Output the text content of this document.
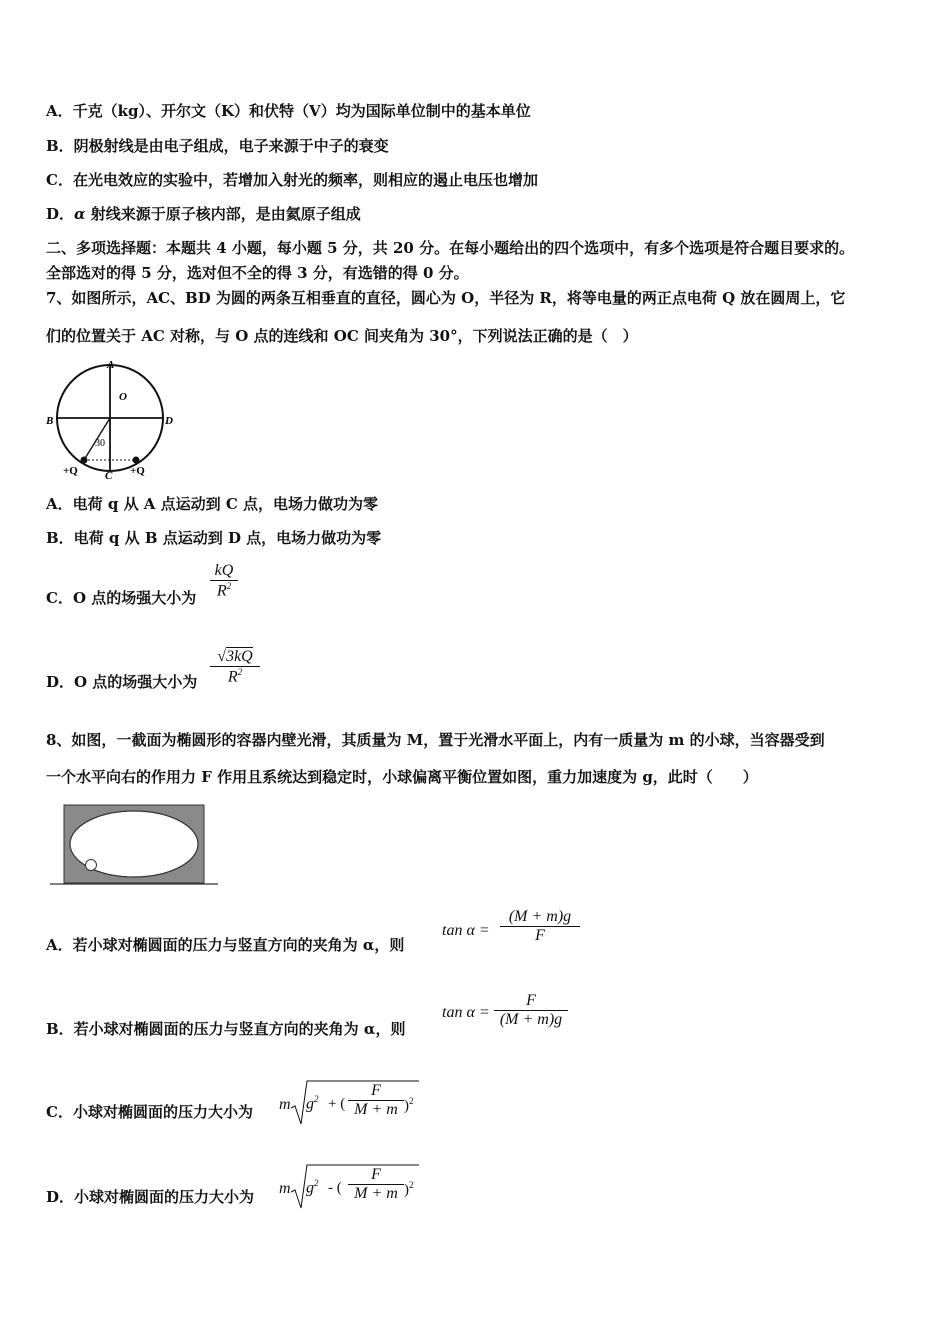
A．千克（kg）、开尔文（K）和伏特（V）均为国际单位制中的基本单位
B．阴极射线是由电子组成，电子来源于中子的衰变
C．在光电效应的实验中，若增加入射光的频率，则相应的遏止电压也增加
D．α 射线来源于原子核内部，是由氦原子组成
二、多项选择题：本题共 4 小题，每小题 5 分，共 20 分。在每小题给出的四个选项中，有多个选项是符合题目要求的。
全部选对的得 5 分，选对但不全的得 3 分，有选错的得 0 分。
7、如图所示，AC、BD 为圆的两条互相垂直的直径，圆心为 O，半径为 R，将等电量的两正点电荷 Q 放在圆周上，它
们的位置关于 AC 对称，与 O 点的连线和 OC 间夹角为 30°，下列说法正确的是（　）
A
O
B	D
30
C
+Q	+Q
A．电荷 q 从 A 点运动到 C 点，电场力做功为零
B．电荷 q 从 B 点运动到 D 点，电场力做功为零
C．O 点的场强大小为
kQ
$R^2$
D．O 点的场强大小为
√3kQ
$R^2$
8、如图，一截面为椭圆形的容器内壁光滑，其质量为 M，置于光滑水平面上，内有一质量为 m 的小球，当容器受到
一个水平向右的作用力 F 作用且系统达到稳定时，小球偏离平衡位置如图，重力加速度为 g，此时（　　）
A．若小球对椭圆面的压力与竖直方向的夹角为 α，则
tan α =
(M + m)g
F
B．若小球对椭圆面的压力与竖直方向的夹角为 α，则
tan α =
F
(M + m)g
C．小球对椭圆面的压力大小为 m $g^2$ + (
F
M + m )$^2$
D．小球对椭圆面的压力大小为 m $g^2$ - (
F
M + m )$^2$
